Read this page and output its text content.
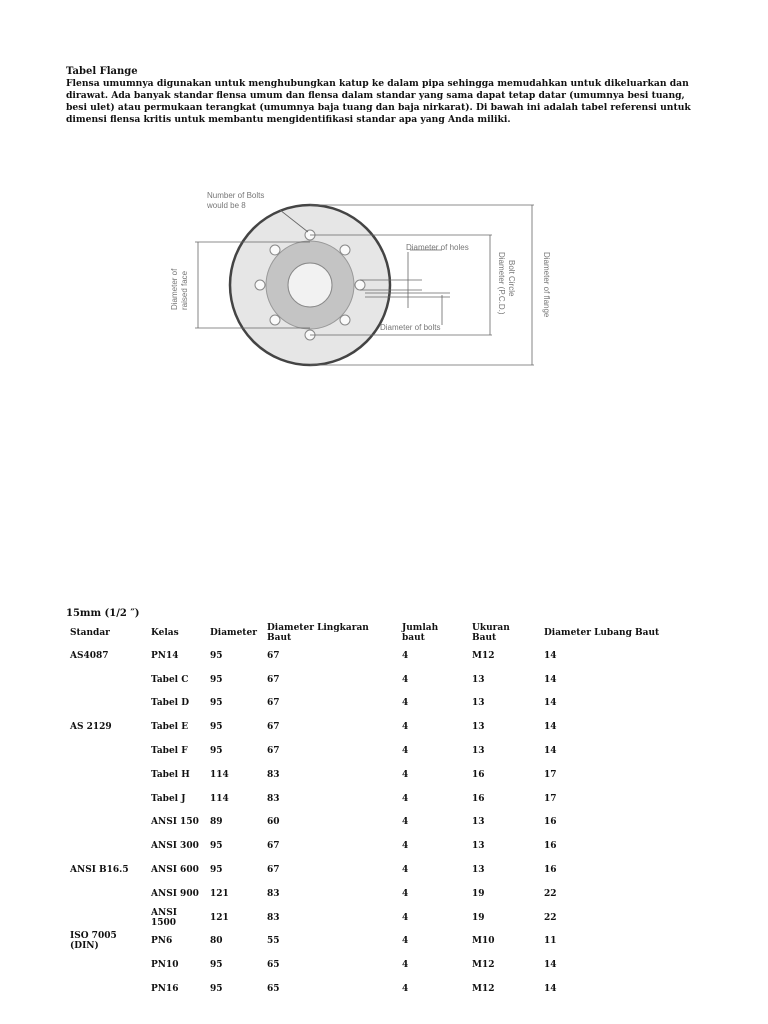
Tabel Flange
Flensa umumnya digunakan untuk menghubungkan katup ke dalam pipa sehingga memudahkan untuk dikeluarkan dan dirawat. Ada banyak standar flensa umum dan flensa dalam standar yang sama dapat tetap datar (umumnya besi tuang, besi ulet) atau permukaan terangkat (umumnya baja tuang dan baja nirkarat). Di bawah ini adalah tabel referensi untuk dimensi flensa kritis untuk membantu mengidentifikasi standar apa yang Anda miliki.
Number of Bolts
would be 8
Diameter of holes
Diameter of bolts
Diameter of raised face	Bolt Circle
Diameter (P.C.D.)	Diameter of flange
15mm (1/2 ″)
Standar	Kelas	Diameter	Diameter Lingkaran Baut	Jumlah baut	Ukuran Baut	Diameter Lubang Baut
AS4087	PN14	95	67	4	M12	14
	Tabel C	95	67	4	13	14
	Tabel D	95	67	4	13	14
AS 2129	Tabel E	95	67	4	13	14
	Tabel F	95	67	4	13	14
	Tabel H	114	83	4	16	17
	Tabel J	114	83	4	16	17
	ANSI 150	89	60	4	13	16
	ANSI 300	95	67	4	13	16
ANSI B16.5	ANSI 600	95	67	4	13	16
	ANSI 900	121	83	4	19	22
	ANSI 1500	121	83	4	19	22
ISO 7005 (DIN)	PN6	80	55	4	M10	11
	PN10	95	65	4	M12	14
	PN16	95	65	4	M12	14
